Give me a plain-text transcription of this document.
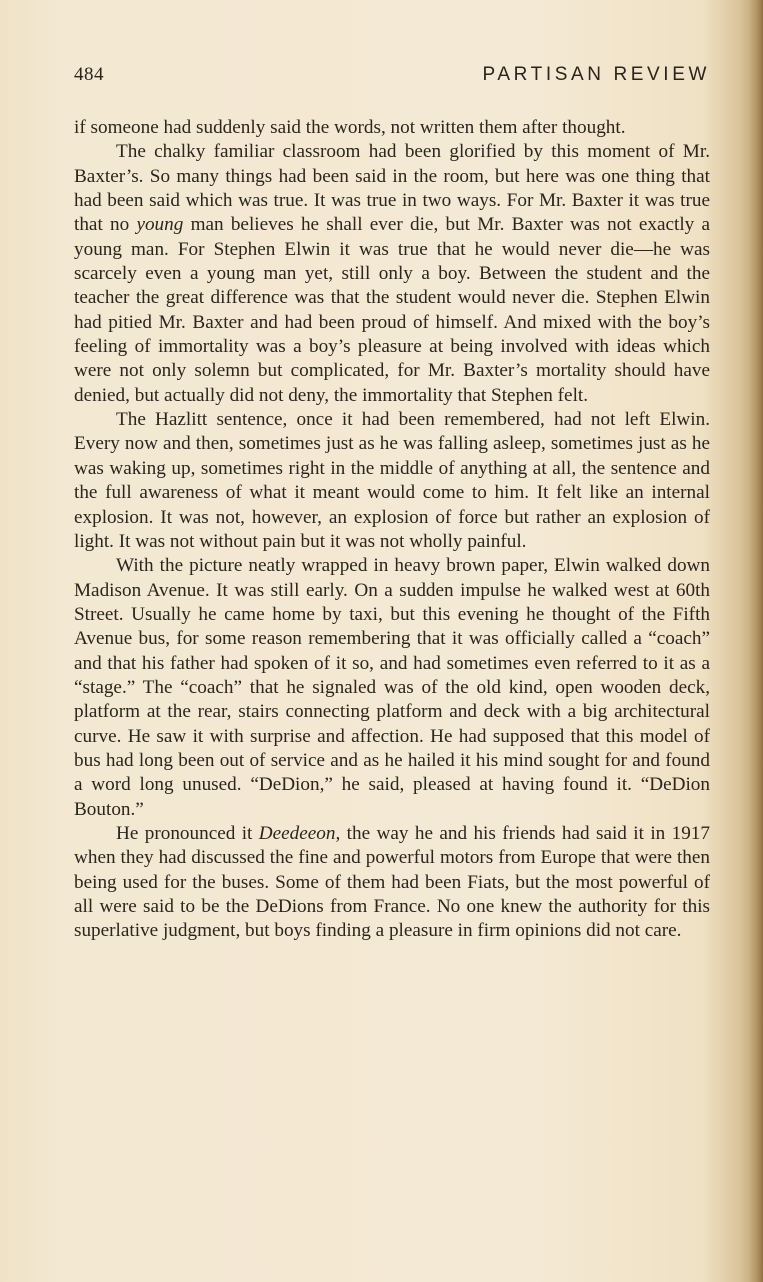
484	PARTISAN REVIEW

if someone had suddenly said the words, not written them after thought.

The chalky familiar classroom had been glorified by this moment of Mr. Baxter’s. So many things had been said in the room, but here was one thing that had been said which was true. It was true in two ways. For Mr. Baxter it was true that no young man believes he shall ever die, but Mr. Baxter was not exactly a young man. For Stephen Elwin it was true that he would never die—he was scarcely even a young man yet, still only a boy. Between the student and the teacher the great difference was that the student would never die. Stephen Elwin had pitied Mr. Baxter and had been proud of himself. And mixed with the boy’s feeling of immortality was a boy’s pleasure at being involved with ideas which were not only solemn but complicated, for Mr. Baxter’s mortality should have denied, but actually did not deny, the immortality that Stephen felt.

The Hazlitt sentence, once it had been remembered, had not left Elwin. Every now and then, sometimes just as he was falling asleep, sometimes just as he was waking up, sometimes right in the middle of anything at all, the sentence and the full awareness of what it meant would come to him. It felt like an internal explosion. It was not, however, an explosion of force but rather an explosion of light. It was not without pain but it was not wholly painful.

With the picture neatly wrapped in heavy brown paper, Elwin walked down Madison Avenue. It was still early. On a sudden impulse he walked west at 60th Street. Usually he came home by taxi, but this evening he thought of the Fifth Avenue bus, for some reason remembering that it was officially called a “coach” and that his father had spoken of it so, and had sometimes even referred to it as a “stage.” The “coach” that he signaled was of the old kind, open wooden deck, platform at the rear, stairs connecting platform and deck with a big architectural curve. He saw it with surprise and affection. He had supposed that this model of bus had long been out of service and as he hailed it his mind sought for and found a word long unused. “DeDion,” he said, pleased at having found it. “DeDion Bouton.”

He pronounced it Deedeeon, the way he and his friends had said it in 1917 when they had discussed the fine and powerful motors from Europe that were then being used for the buses. Some of them had been Fiats, but the most powerful of all were said to be the DeDions from France. No one knew the authority for this superlative judgment, but boys finding a pleasure in firm opinions did not care.
